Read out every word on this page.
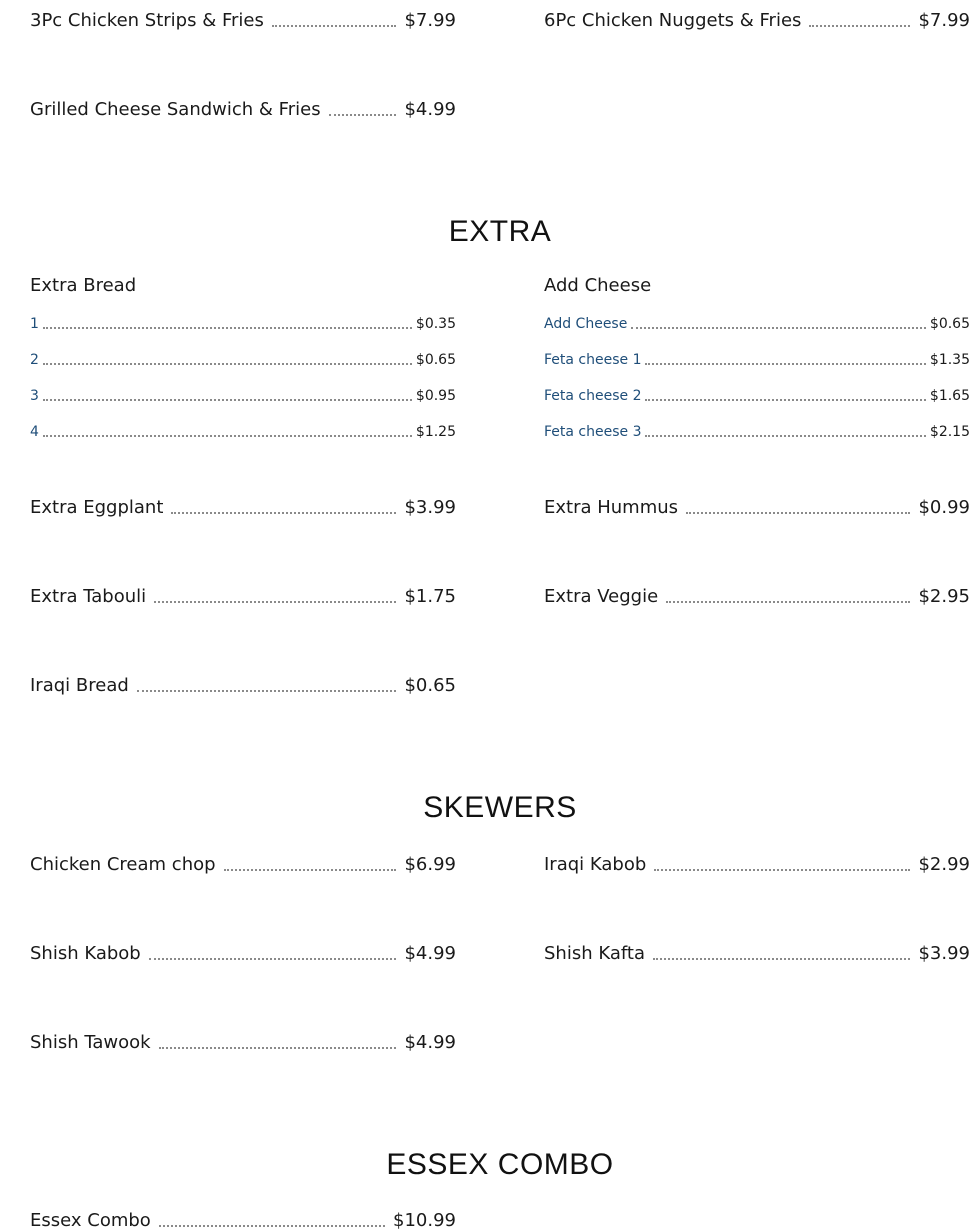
3Pc Chicken Strips & Fries	$7.99	6Pc Chicken Nuggets & Fries	$7.99
Grilled Cheese Sandwich & Fries	$4.99
EXTRA
Extra Bread	Add Cheese
1	$0.35
2	$0.65
3	$0.95
4	$1.25
Add Cheese	$0.65
Feta cheese 1	$1.35
Feta cheese 2	$1.65
Feta cheese 3	$2.15
Extra Eggplant	$3.99	Extra Hummus	$0.99
Extra Tabouli	$1.75	Extra Veggie	$2.95
Iraqi Bread	$0.65
SKEWERS
Chicken Cream chop	$6.99	Iraqi Kabob	$2.99
Shish Kabob	$4.99	Shish Kafta	$3.99
Shish Tawook	$4.99
ESSEX COMBO
Essex Combo	$10.99
